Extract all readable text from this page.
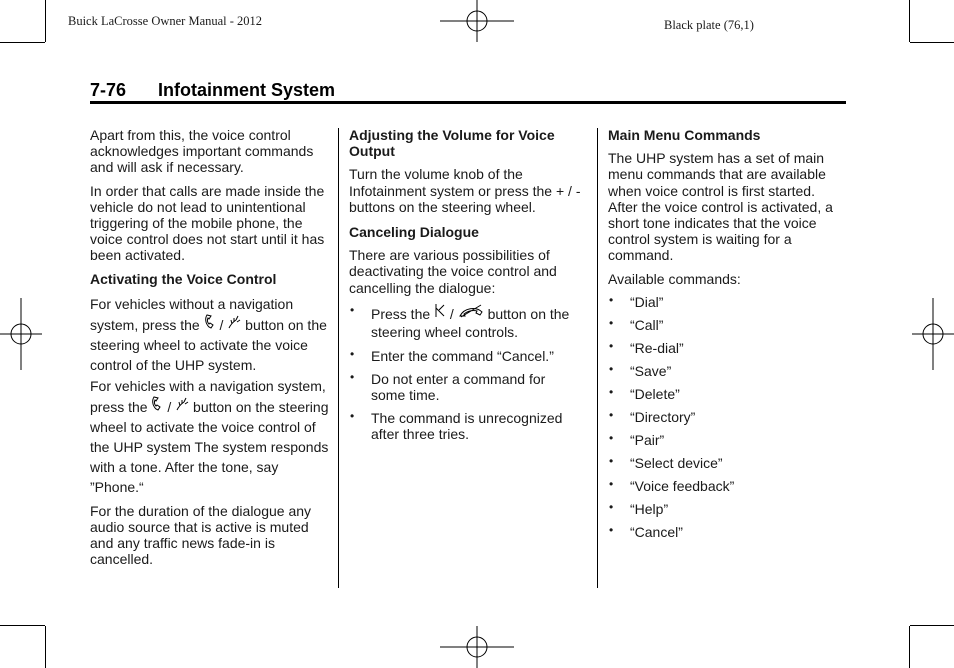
Buick LaCrosse Owner Manual - 2012	Black plate (76,1)
7-76 Infotainment System

Apart from this, the voice control acknowledges important commands and will ask if necessary.

In order that calls are made inside the vehicle do not lead to unintentional triggering of the mobile phone, the voice control does not start until it has been activated.

Activating the Voice Control

For vehicles without a navigation system, press the  /  button on the steering wheel to activate the voice control of the UHP system.

For vehicles with a navigation system, press the  /  button on the steering wheel to activate the voice control of the UHP system The system responds with a tone. After the tone, say ”Phone.“

For the duration of the dialogue any audio source that is active is muted and any traffic news fade-in is cancelled.

Adjusting the Volume for Voice Output

Turn the volume knob of the Infotainment system or press the + / - buttons on the steering wheel.

Canceling Dialogue

There are various possibilities of deactivating the voice control and cancelling the dialogue:

• Press the  /  button on the steering wheel controls.
• Enter the command “Cancel.”
• Do not enter a command for some time.
• The command is unrecognized after three tries.
Main Menu Commands

The UHP system has a set of main menu commands that are available when voice control is first started. After the voice control is activated, a short tone indicates that the voice control system is waiting for a command.

Available commands:

• “Dial”
• “Call”
• “Re-dial”
• “Save”
• “Delete”
• “Directory”
• “Pair”
• “Select device”
• “Voice feedback”
• “Help”
• “Cancel”
